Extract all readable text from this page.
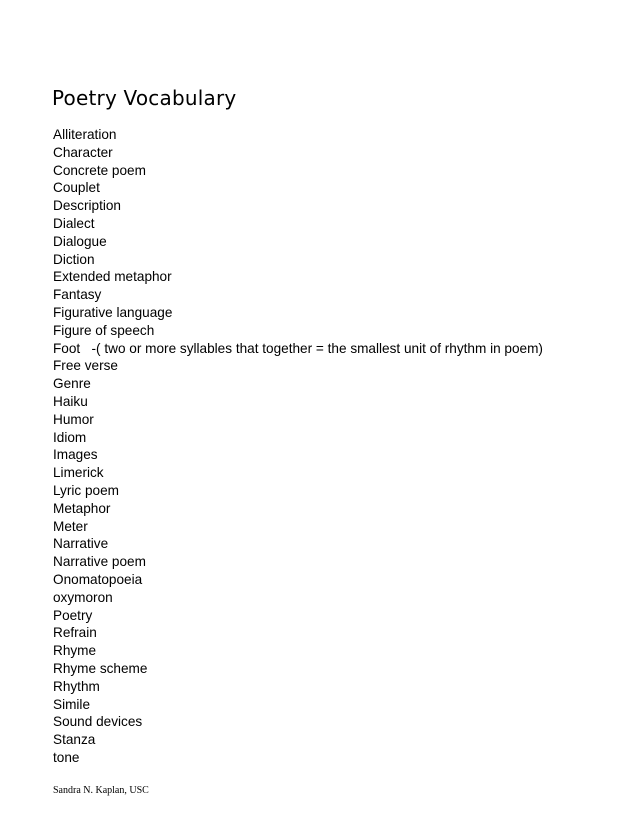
Poetry Vocabulary
Alliteration
Character
Concrete poem
Couplet
Description
Dialect
Dialogue
Diction
Extended metaphor
Fantasy
Figurative language
Figure of speech
Foot   -( two or more syllables that together = the smallest unit of rhythm in poem)
Free verse
Genre
Haiku
Humor
Idiom
Images
Limerick
Lyric poem
Metaphor
Meter
Narrative
Narrative poem
Onomatopoeia
oxymoron
Poetry
Refrain
Rhyme
Rhyme scheme
Rhythm
Simile
Sound devices
Stanza
tone
Sandra N. Kaplan, USC
